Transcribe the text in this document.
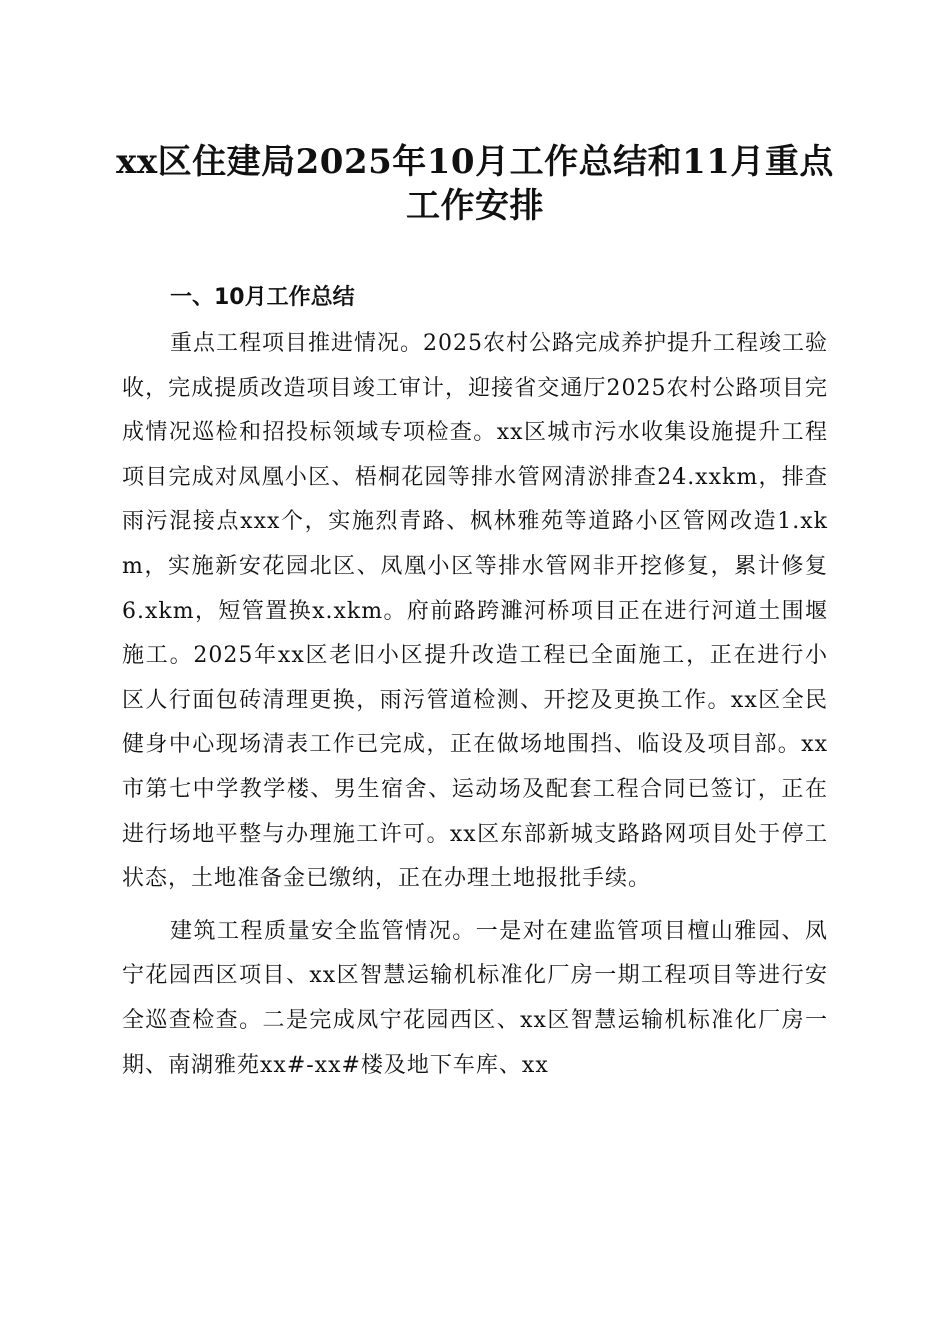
xx区住建局2025年10月工作总结和11月重点工作安排
一、10月工作总结

重点工程项目推进情况。2025农村公路完成养护提升工程竣工验收，完成提质改造项目竣工审计，迎接省交通厅2025农村公路项目完成情况巡检和招投标领域专项检查。xx区城市污水收集设施提升工程项目完成对凤凰小区、梧桐花园等排水管网清淤排查24.xxkm，排查雨污混接点xxx个，实施烈青路、枫林雅苑等道路小区管网改造1.xkm，实施新安花园北区、凤凰小区等排水管网非开挖修复，累计修复6.xkm，短管置换x.xkm。府前路跨濉河桥项目正在进行河道土围堰施工。2025年xx区老旧小区提升改造工程已全面施工，正在进行小区人行面包砖清理更换，雨污管道检测、开挖及更换工作。xx区全民健身中心现场清表工作已完成，正在做场地围挡、临设及项目部。xx市第七中学教学楼、男生宿舍、运动场及配套工程合同已签订，正在进行场地平整与办理施工许可。xx区东部新城支路路网项目处于停工状态，土地准备金已缴纳，正在办理土地报批手续。

建筑工程质量安全监管情况。一是对在建监管项目檀山雅园、凤宁花园西区项目、xx区智慧运输机标准化厂房一期工程项目等进行安全巡查检查。二是完成凤宁花园西区、xx区智慧运输机标准化厂房一期、南湖雅苑xx#-xx#楼及地下车库、xx
